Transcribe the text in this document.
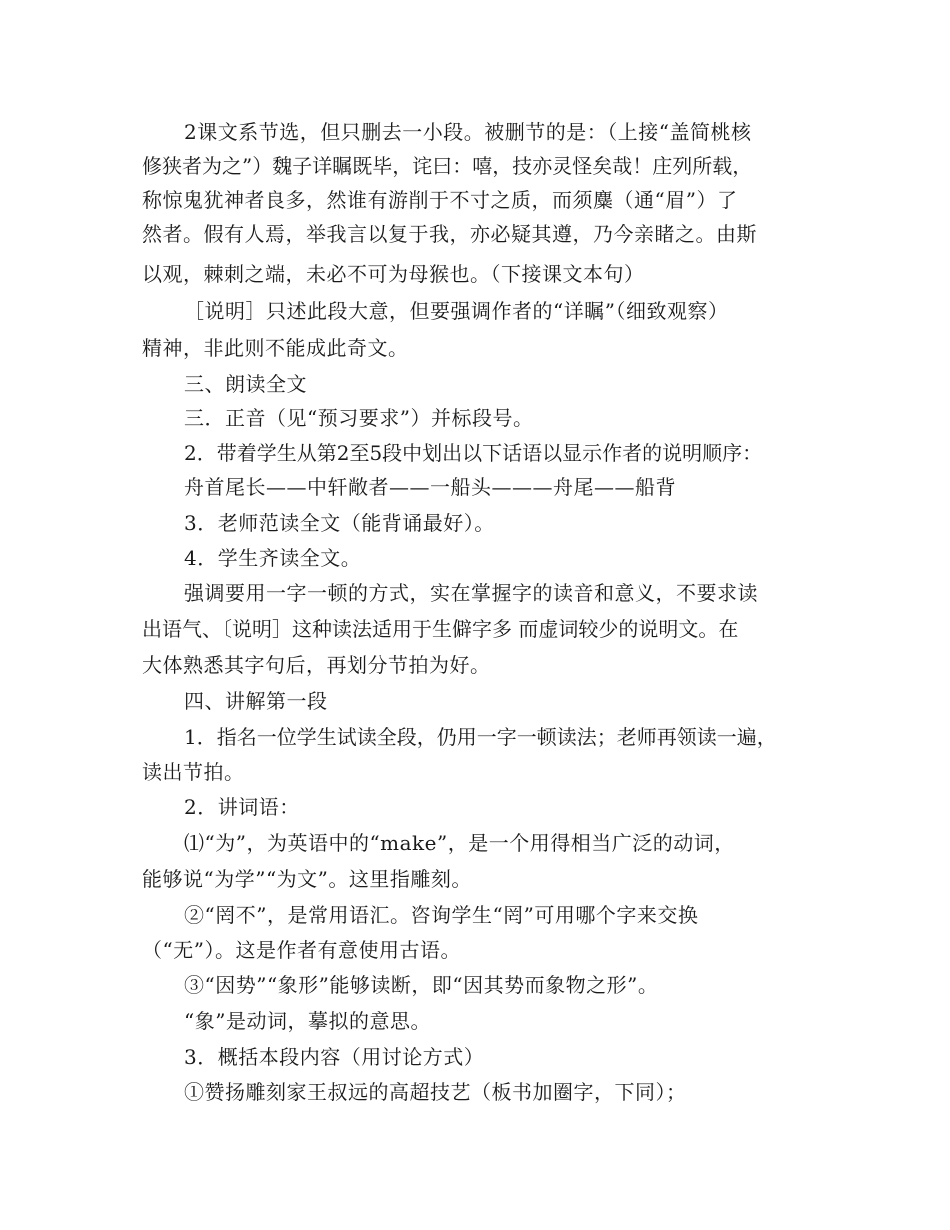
2课文系节选，但只删去一小段。被删节的是：（上接“盖简桃核
修狭者为之”）魏子详瞩既毕，诧曰：嘻，技亦灵怪矣哉！庄列所载，
称惊鬼犹神者良多，然谁有游削于不寸之质，而须麋（通“眉”）了
然者。假有人焉，举我言以复于我，亦必疑其遵，乃今亲睹之。由斯
以观，棘刺之端，未必不可为母猴也。（下接课文本句）
［说明］只述此段大意，但要强调作者的“详瞩”（细致观察）
精神，非此则不能成此奇文。
三、朗读全文
三．正音（见“预习要求”）并标段号。
2．带着学生从第2至5段中划出以下话语以显示作者的说明顺序：
舟首尾长——中轩敞者——一船头———舟尾——船背
3．老师范读全文（能背诵最好）。
4．学生齐读全文。
强调要用一字一顿的方式，实在掌握字的读音和意义，不要求读
出语气、〔说明］这种读法适用于生僻字多 而虚词较少的说明文。在
大体熟悉其字句后，再划分节拍为好。
四、讲解第一段
1．指名一位学生试读全段，仍用一字一顿读法；老师再领读一遍，
读出节拍。
2．讲词语：
⑴“为”，为英语中的“make”，是一个用得相当广泛的动词，
能够说“为学”“为文”。这里指雕刻。
②“罔不”，是常用语汇。咨询学生“罔”可用哪个字来交换
（“无”）。这是作者有意使用古语。
③“因势”“象形”能够读断，即“因其势而象物之形”。
“象”是动词，摹拟的意思。
3．概括本段内容（用讨论方式）
①赞扬雕刻家王叔远的高超技艺（板书加圈字，下同）；
